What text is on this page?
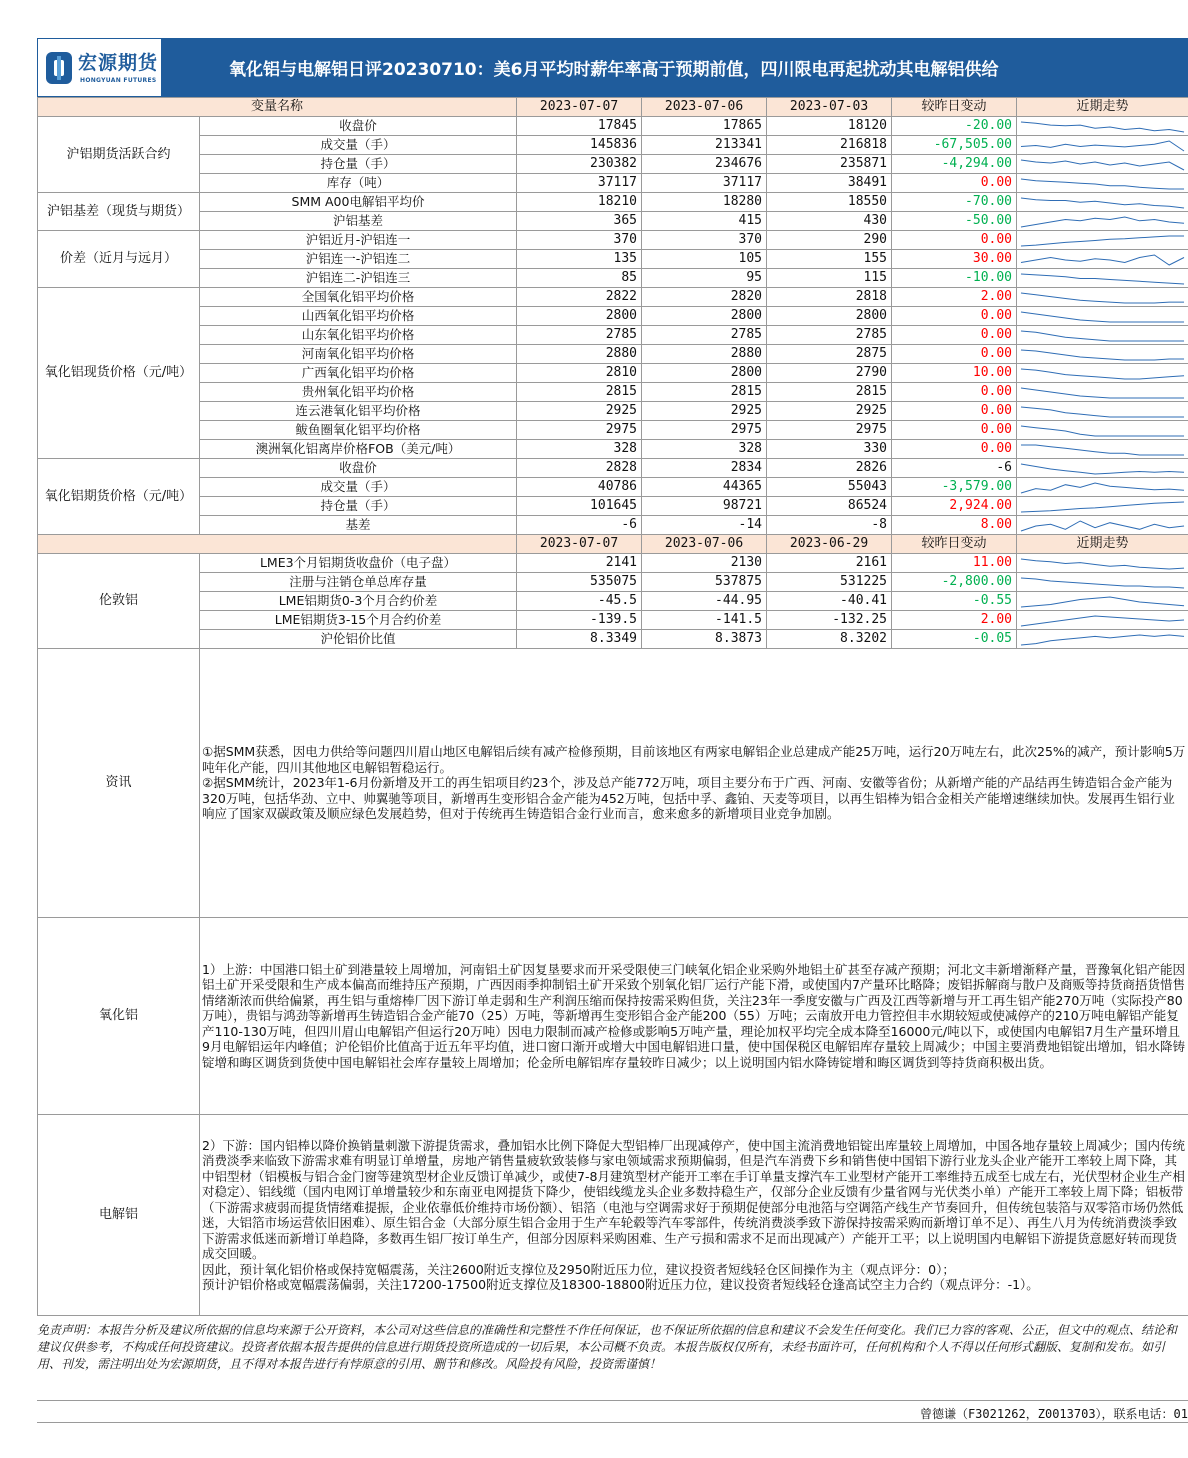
宏源期货
HONGYUAN FUTURES
氧化铝与电解铝日评20230710：美6月平均时薪年率高于预期前值，四川限电再起扰动其电解铝供给
变量名称		2023-07-07	2023-07-06	2023-07-03	较昨日变动	近期走势
沪铝期货活跃合约	收盘价	17845	17865	18120	-20.00	

	成交量（手）	145836	213341	216818	-67,505.00	

	持仓量（手）	230382	234676	235871	-4,294.00	

	库存（吨）	37117	37117	38491	0.00	

沪铝基差（现货与期货）	SMM A00电解铝平均价	18210	18280	18550	-70.00	

	沪铝基差	365	415	430	-50.00	

价差（近月与远月）	沪铝近月-沪铝连一	370	370	290	0.00	

	沪铝连一-沪铝连二	135	105	155	30.00	

	沪铝连二-沪铝连三	85	95	115	-10.00	

氧化铝现货价格（元/吨）	全国氧化铝平均价格	2822	2820	2818	2.00	

	山西氧化铝平均价格	2800	2800	2800	0.00	

	山东氧化铝平均价格	2785	2785	2785	0.00	

	河南氧化铝平均价格	2880	2880	2875	0.00	

	广西氧化铝平均价格	2810	2800	2790	10.00	

	贵州氧化铝平均价格	2815	2815	2815	0.00	

	连云港氧化铝平均价格	2925	2925	2925	0.00	

	鲅鱼圈氧化铝平均价格	2975	2975	2975	0.00	

	澳洲氧化铝离岸价格FOB（美元/吨）	328	328	330	0.00	

氧化铝期货价格（元/吨）	收盘价	2828	2834	2826	-6	

	成交量（手）	40786	44365	55043	-3,579.00	

	持仓量（手）	101645	98721	86524	2,924.00	

	基差	-6	-14	-8	8.00	

		2023-07-07	2023-07-06	2023-06-29	较昨日变动	近期走势
伦敦铝	LME3个月铝期货收盘价（电子盘）	2141	2130	2161	11.00	

	注册与注销仓单总库存量	535075	537875	531225	-2,800.00	

	LME铝期货0-3个月合约价差	-45.5	-44.95	-40.41	-0.55	

	LME铝期货3-15个月合约价差	-139.5	-141.5	-132.25	2.00	

	沪伦铝价比值	8.3349	8.3873	8.3202	-0.05	

资讯	①据SMM获悉，因电力供给等问题四川眉山地区电解铝后续有减产检修预期，目前该地区有两家电解铝企业总建成产能25万吨，运行20万吨左右，此次25%的减产，预计影响5万吨年化产能，四川其他地区电解铝暂稳运行。
②据SMM统计，2023年1-6月份新增及开工的再生铝项目约23个，涉及总产能772万吨，项目主要分布于广西、河南、安徽等省份；从新增产能的产品结再生铸造铝合金产能为320万吨，包括华劲、立中、帅翼驰等项目，新增再生变形铝合金产能为452万吨，包括中孚、鑫铂、天麦等项目，以再生铝棒为铝合金相关产能增速继续加快。发展再生铝行业响应了国家双碳政策及顺应绿色发展趋势，但对于传统再生铸造铝合金行业而言，愈来愈多的新增项目业竞争加剧。					

氧化铝	1）上游：中国港口铝土矿到港量较上周增加，河南铝土矿因复垦要求而开采受限使三门峡氧化铝企业采购外地铝土矿甚至存减产预期；河北文丰新增渐释产量，晋豫氧化铝产能因铝土矿开采受限和生产成本偏高而维持压产预期，广西因雨季抑制铝土矿开采致个别氧化铝厂运行产能下滑，或使国内7产量环比略降；废铝拆解商与散户及商贩等持货商捂货惜售情绪渐浓而供给偏紧，再生铝与重熔棒厂因下游订单走弱和生产利润压缩而保持按需采购但货，关注23年一季度安徽与广西及江西等新增与开工再生铝产能270万吨（实际投产80万吨），贵铝与鸿劲等新增再生铸造铝合金产能70（25）万吨，等新增再生变形铝合金产能200（55）万吨；云南放开电力管控但丰水期较短或使减停产的210万吨电解铝产能复产110-130万吨，但四川眉山电解铝产但运行20万吨）因电力限制而减产检修或影响5万吨产量，理论加权平均完全成本降至16000元/吨以下，或使国内电解铝7月生产量环增且9月电解铝运年内峰值；沪伦铝价比值高于近五年平均值，进口窗口渐开或增大中国电解铝进口量，使中国保税区电解铝库存量较上周减少；中国主要消费地铝锭出增加，铝水降铸锭增和晦区调货到货使中国电解铝社会库存量较上周增加；伦金所电解铝库存量较昨日减少；以上说明国内铝水降铸锭增和晦区调货到等持货商积极出货。					

电解铝	2）下游：国内铝棒以降价换销量刺激下游提货需求，叠加铝水比例下降促大型铝棒厂出现减停产，使中国主流消费地铝锭出库量较上周增加，中国各地存量较上周减少；国内传统消费淡季来临致下游需求难有明显订单增量，房地产销售量疲软致装修与家电领域需求预期偏弱，但是汽车消费下乡和销售使中国铝下游行业龙头企业产能开工率较上周下降，其中铝型材（铝模板与铝合金门窗等建筑型材企业反馈订单减少，或使7-8月建筑型材产能开工率在手订单量支撑汽车工业型材产能开工率维持五成至七成左右，光伏型材企业生产相对稳定）、铝线缆（国内电网订单增量较少和东南亚电网提货下降少，使铝线缆龙头企业多数持稳生产，仅部分企业反馈有少量省网与光伏类小单）产能开工率较上周下降；铝板带（下游需求疲弱而提货情绪难提振，企业依靠低价维持市场份额）、铝箔（电池与空调需求好于预期促使部分电池箔与空调箔产线生产节奏回升，但传统包装箔与双零箔市场仍然低迷，大铝箔市场运营依旧困难）、原生铝合金（大部分原生铝合金用于生产车轮毂等汽车零部件，传统消费淡季致下游保持按需采购而新增订单不足）、再生八月为传统消费淡季致下游需求低迷而新增订单趋降，多数再生铝厂按订单生产，但部分因原料采购困难、生产亏损和需求不足而出现减产）产能开工平；以上说明国内电解铝下游提货意愿好转而现货成交回暖。
因此，预计氧化铝价格或保持宽幅震荡，关注2600附近支撑位及2950附近压力位，建议投资者短线轻仓区间操作为主（观点评分：0）；
预计沪铝价格或宽幅震荡偏弱，关注17200-17500附近支撑位及18300-18800附近压力位，建议投资者短线轻仓逢高试空主力合约（观点评分：-1）。					
免责声明：本报告分析及建议所依据的信息均来源于公开资料，本公司对这些信息的准确性和完整性不作任何保证，也不保证所依据的信息和建议不会发生任何变化。我们已力容的客观、公正，但文中的观点、结论和建议仅供参考，不构成任何投资建议。投资者依据本报告提供的信息进行期货投资所造成的一切后果，本公司概不负责。本报告版权仅所有，未经书面许可，任何机构和个人不得以任何形式翻版、复制和发布。如引用、刊发，需注明出处为宏源期货，且不得对本报告进行有悖原意的引用、删节和修改。风险投有风险，投资需谨慎！
曾德谦（F3021262，Z0013703），联系电话：01
